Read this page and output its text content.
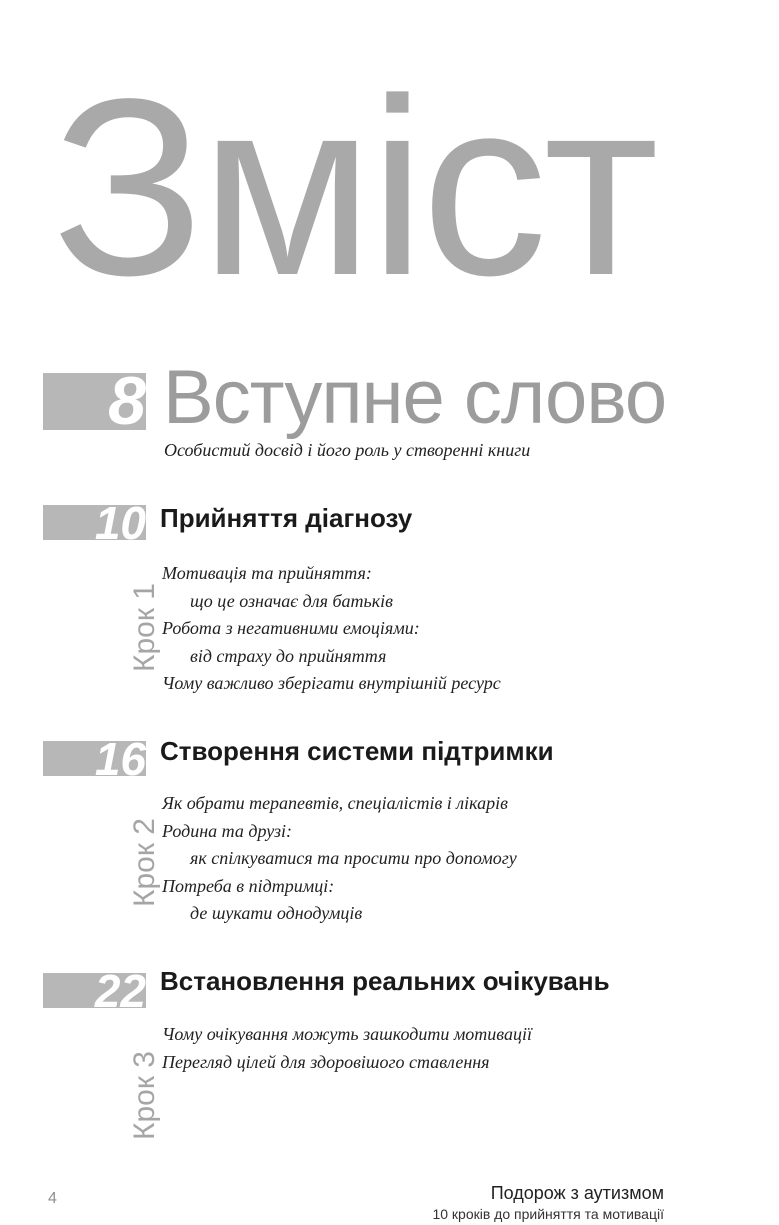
Зміст
8 Вступне слово
Особистий досвід і його роль у створенні книги
10 Прийняття діагнозу
Крок 1
Мотивація та прийняття:
що це означає для батьків
Робота з негативними емоціями:
від страху до прийняття
Чому важливо зберігати внутрішній ресурс
16 Створення системи підтримки
Крок 2
Як обрати терапевтів, спеціалістів і лікарів
Родина та друзі:
як спілкуватися та просити про допомогу
Потреба в підтримці:
де шукати однодумців
22 Встановлення реальних очікувань
Крок 3
Чому очікування можуть зашкодити мотивації
Перегляд цілей для здоровішого ставлення
4	Подорож з аутизмом
10 кроків до прийняття та мотивації
